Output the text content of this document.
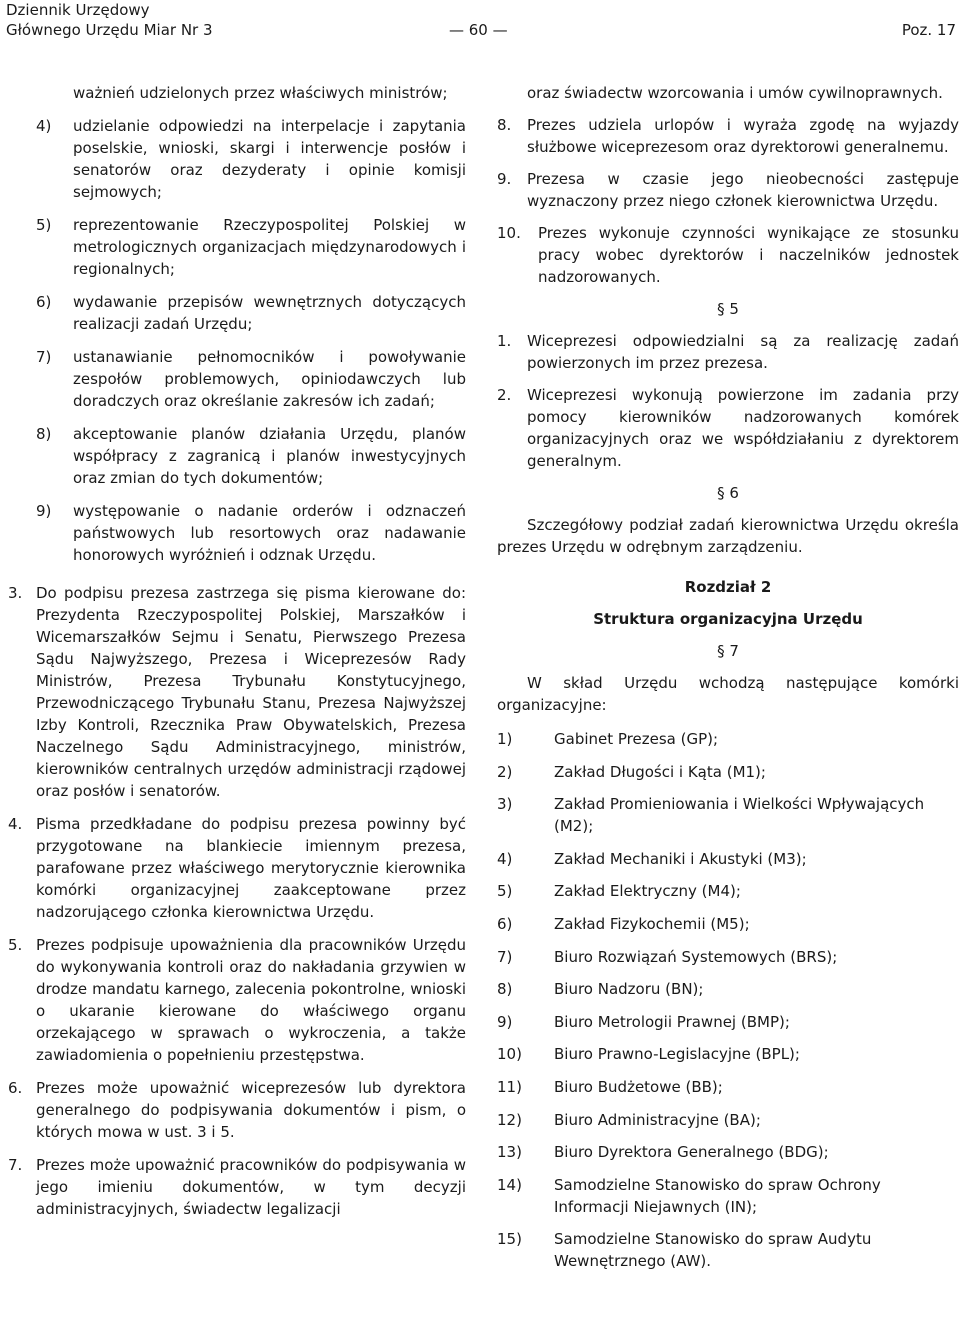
Dziennik Urzędowy
Głównego Urzędu Miar Nr 3	— 60 —	Poz. 17

ważnień udzielonych przez właściwych ministrów;

4) udzielanie odpowiedzi na interpelacje i zapytania poselskie, wnioski, skargi i interwencje posłów i senatorów oraz dezyderaty i opinie komisji sejmowych;
5) reprezentowanie Rzeczypospolitej Polskiej w metrologicznych organizacjach międzynarodowych i regionalnych;
6) wydawanie przepisów wewnętrznych dotyczących realizacji zadań Urzędu;
7) ustanawianie pełnomocników i powoływanie zespołów problemowych, opiniodawczych lub doradczych oraz określanie zakresów ich zadań;
8) akceptowanie planów działania Urzędu, planów współpracy z zagranicą i planów inwestycyjnych oraz zmian do tych dokumentów;
9) występowanie o nadanie orderów i odznaczeń państwowych lub resortowych oraz nadawanie honorowych wyróżnień i odznak Urzędu.
3. Do podpisu prezesa zastrzega się pisma kierowane do: Prezydenta Rzeczypospolitej Polskiej, Marszałków i Wicemarszałków Sejmu i Senatu, Pierwszego Prezesa Sądu Najwyższego, Prezesa i Wiceprezesów Rady Ministrów, Prezesa Trybunału Konstytucyjnego, Przewodniczącego Trybunału Stanu, Prezesa Najwyższej Izby Kontroli, Rzecznika Praw Obywatelskich, Prezesa Naczelnego Sądu Administracyjnego, ministrów, kierowników centralnych urzędów administracji rządowej oraz posłów i senatorów.
4. Pisma przedkładane do podpisu prezesa powinny być przygotowane na blankiecie imiennym prezesa, parafowane przez właściwego merytorycznie kierownika komórki organizacyjnej zaakceptowane przez nadzorującego członka kierownictwa Urzędu.
5. Prezes podpisuje upoważnienia dla pracowników Urzędu do wykonywania kontroli oraz do nakładania grzywien w drodze mandatu karnego, zalecenia pokontrolne, wnioski o ukaranie kierowane do właściwego organu orzekającego w sprawach o wykroczenia, a także zawiadomienia o popełnieniu przestępstwa.
6. Prezes może upoważnić wiceprezesów lub dyrektora generalnego do podpisywania dokumentów i pism, o których mowa w ust. 3 i 5.
7. Prezes może upoważnić pracowników do podpisywania w jego imieniu dokumentów, w tym decyzji administracyjnych, świadectw legalizacji

oraz świadectw wzorcowania i umów cywilnoprawnych.

8. Prezes udziela urlopów i wyraża zgodę na wyjazdy służbowe wiceprezesom oraz dyrektorowi generalnemu.
9. Prezesa w czasie jego nieobecności zastępuje wyznaczony przez niego członek kierownictwa Urzędu.
10. Prezes wykonuje czynności wynikające ze stosunku pracy wobec dyrektorów i naczelników jednostek nadzorowanych.
§ 5
1. Wiceprezesi odpowiedzialni są za realizację zadań powierzonych im przez prezesa.
2. Wiceprezesi wykonują powierzone im zadania przy pomocy kierowników nadzorowanych komórek organizacyjnych oraz we współdziałaniu z dyrektorem generalnym.
§ 6

Szczegółowy podział zadań kierownictwa Urzędu określa prezes Urzędu w odrębnym zarządzeniu.

Rozdział 2
Struktura organizacyjna Urzędu
§ 7

W skład Urzędu wchodzą następujące komórki organizacyjne:

1)	Gabinet Prezesa (GP);
2)	Zakład Długości i Kąta (M1);
3)	Zakład Promieniowania i Wielkości Wpływających (M2);
4)	Zakład Mechaniki i Akustyki (M3);
5)	Zakład Elektryczny (M4);
6)	Zakład Fizykochemii (M5);
7)	Biuro Rozwiązań Systemowych (BRS);
8)	Biuro Nadzoru (BN);
9)	Biuro Metrologii Prawnej (BMP);
10) Biuro Prawno-Legislacyjne (BPL);
11) Biuro Budżetowe (BB);
12) Biuro Administracyjne (BA);
13) Biuro Dyrektora Generalnego (BDG);
14) Samodzielne Stanowisko do spraw Ochrony Informacji Niejawnych (IN);
15) Samodzielne Stanowisko do spraw Audytu Wewnętrznego (AW).
